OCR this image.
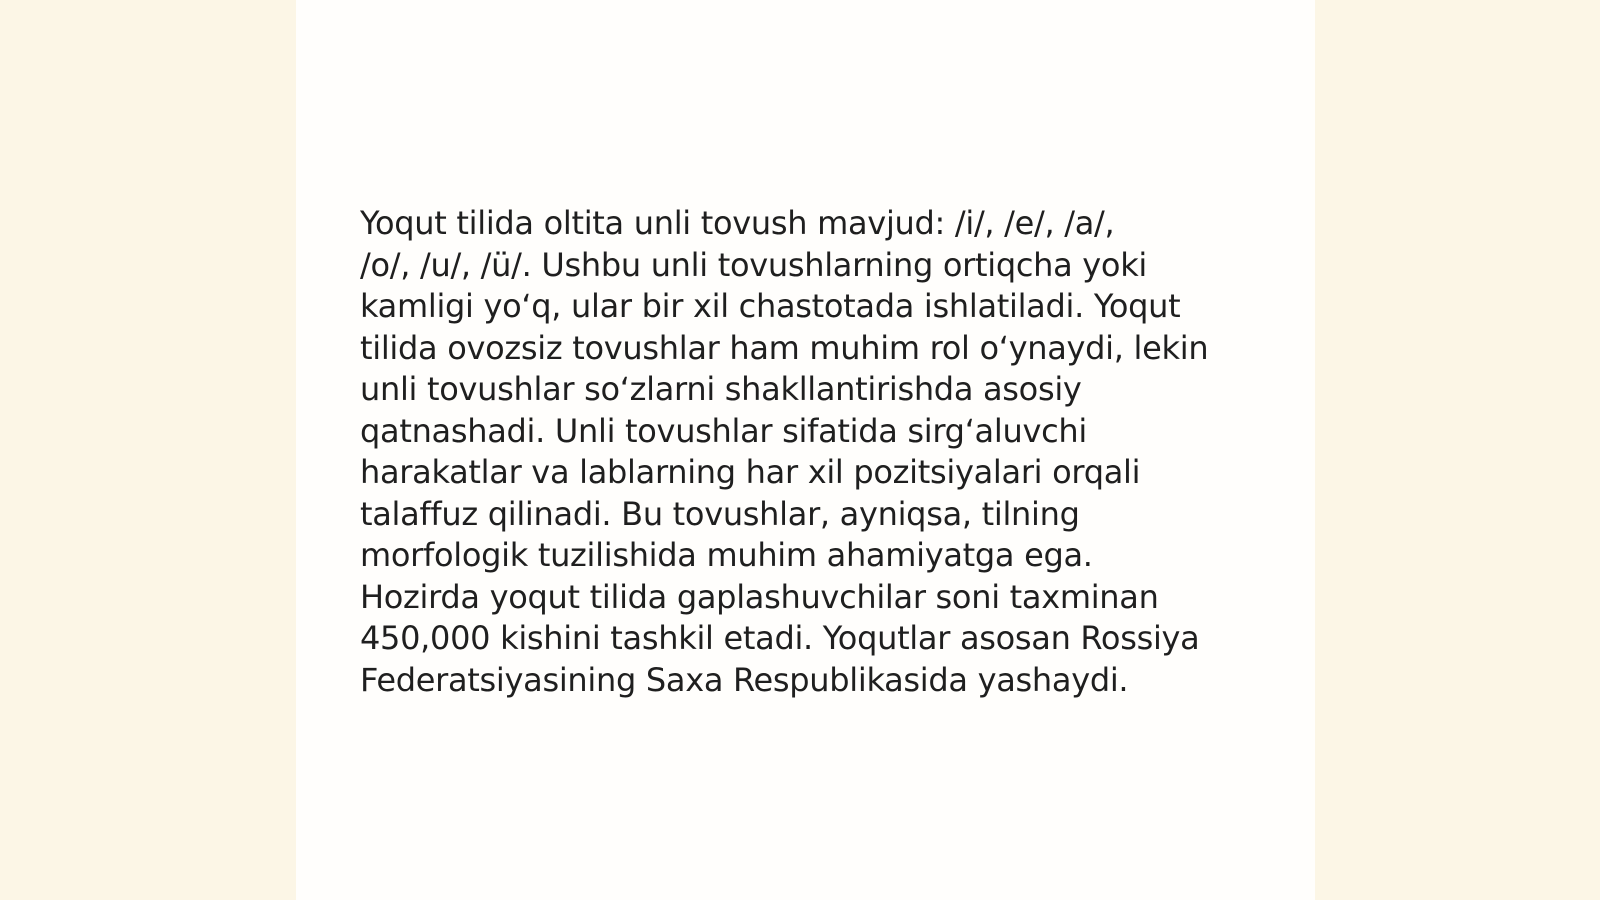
Yoqut tilida oltita unli tovush mavjud: /i/, /e/, /a/,
/o/, /u/, /ü/. Ushbu unli tovushlarning ortiqcha yoki
kamligi yoʻq, ular bir xil chastotada ishlatiladi. Yoqut
tilida ovozsiz tovushlar ham muhim rol oʻynaydi, lekin
unli tovushlar soʻzlarni shakllantirishda asosiy
qatnashadi. Unli tovushlar sifatida sirgʻaluvchi
harakatlar va lablarning har xil pozitsiyalari orqali
talaffuz qilinadi. Bu tovushlar, ayniqsa, tilning
morfologik tuzilishida muhim ahamiyatga ega.
Hozirda yoqut tilida gaplashuvchilar soni taxminan
450,000 kishini tashkil etadi. Yoqutlar asosan Rossiya
Federatsiyasining Saxa Respublikasida yashaydi.
